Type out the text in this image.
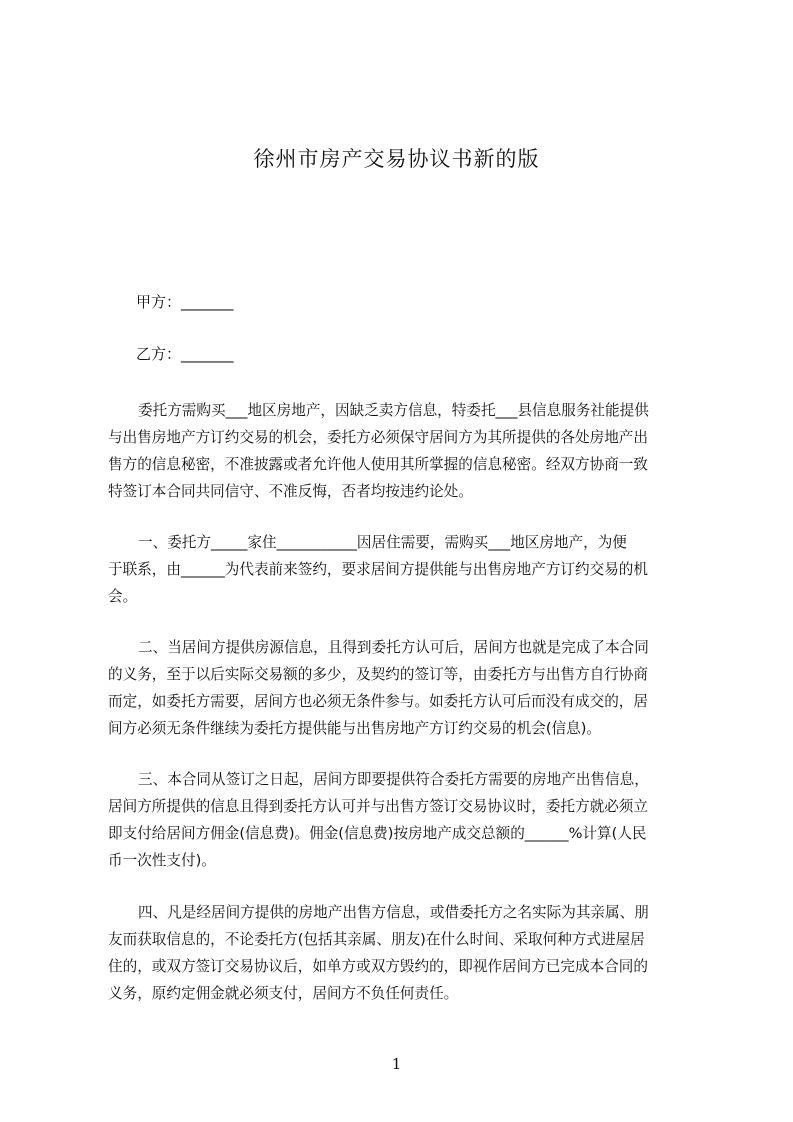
徐州市房产交易协议书新的版
甲方：_______
乙方：_______
委托方需购买___地区房地产，因缺乏卖方信息，特委托___县信息服务社能提供
与出售房地产方订约交易的机会，委托方必须保守居间方为其所提供的各处房地产出
售方的信息秘密，不准披露或者允许他人使用其所掌握的信息秘密。经双方协商一致
特签订本合同共同信守、不准反悔，否者均按违约论处。
一、委托方_____家住___________因居住需要，需购买___地区房地产，为便
于联系，由______为代表前来签约，要求居间方提供能与出售房地产方订约交易的机
会。
二、当居间方提供房源信息，且得到委托方认可后，居间方也就是完成了本合同
的义务，至于以后实际交易额的多少，及契约的签订等，由委托方与出售方自行协商
而定，如委托方需要，居间方也必须无条件参与。如委托方认可后而没有成交的，居
间方必须无条件继续为委托方提供能与出售房地产方订约交易的机会(信息)。
三、本合同从签订之日起，居间方即要提供符合委托方需要的房地产出售信息，
居间方所提供的信息且得到委托方认可并与出售方签订交易协议时，委托方就必须立
即支付给居间方佣金(信息费)。佣金(信息费)按房地产成交总额的______%计算(人民
币一次性支付)。
四、凡是经居间方提供的房地产出售方信息，或借委托方之名实际为其亲属、朋
友而获取信息的，不论委托方(包括其亲属、朋友)在什么时间、采取何种方式进屋居
住的，或双方签订交易协议后，如单方或双方毁约的，即视作居间方已完成本合同的
义务，原约定佣金就必须支付，居间方不负任何责任。
1
